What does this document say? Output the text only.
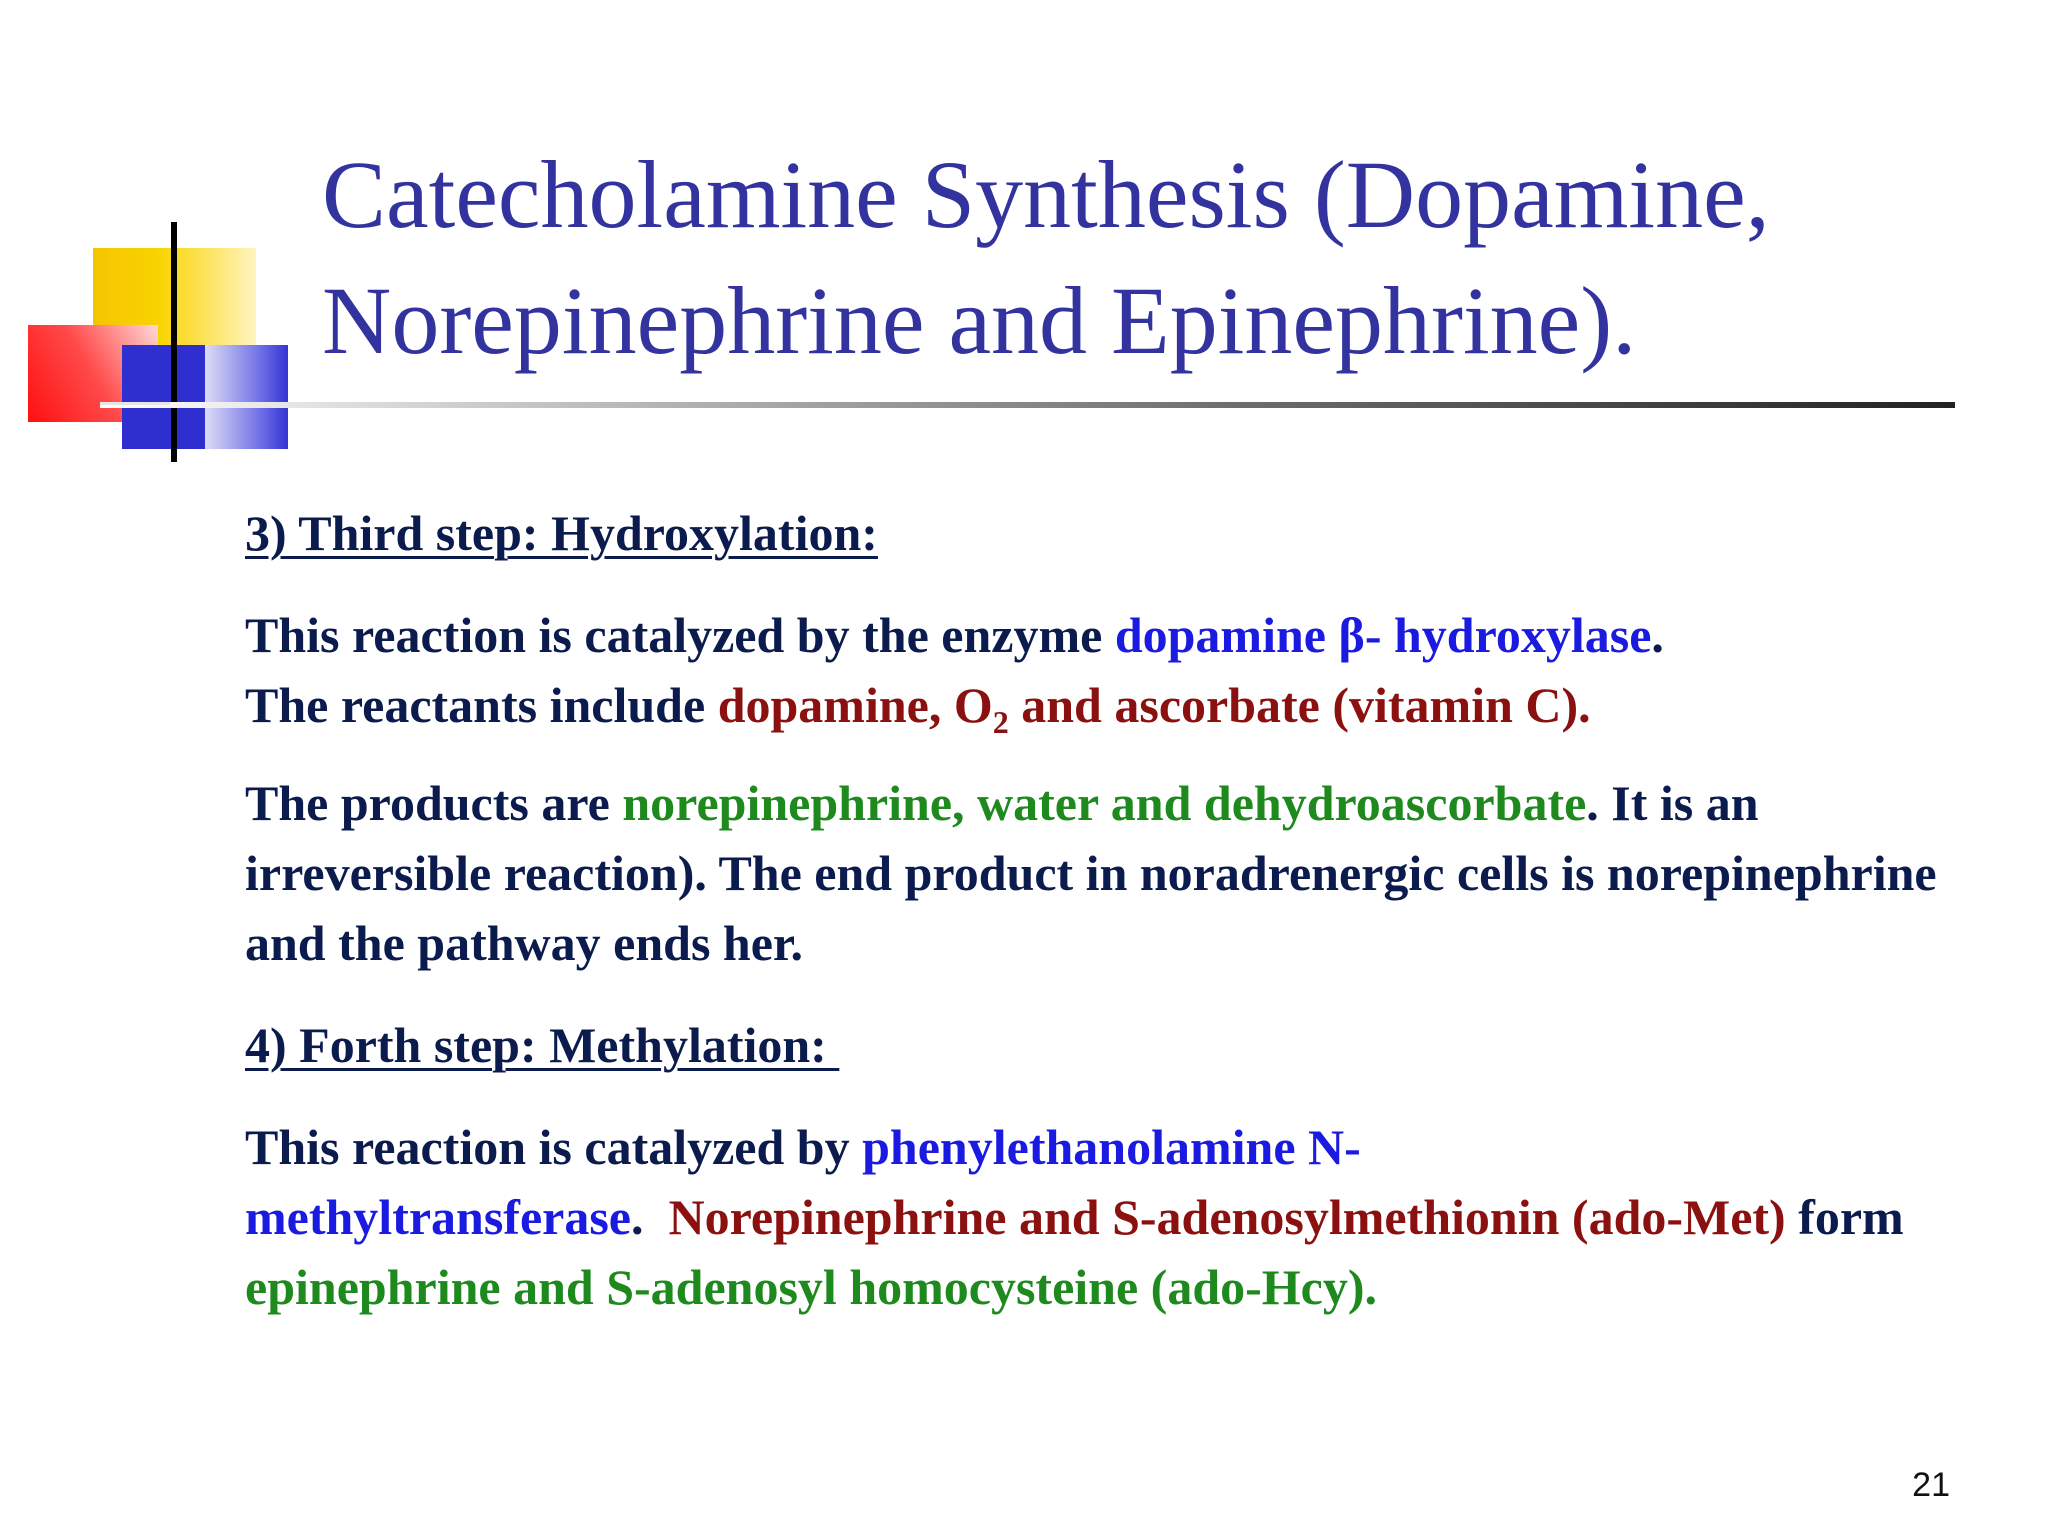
Catecholamine Synthesis (Dopamine,
Norepinephrine and Epinephrine).

3) Third step: Hydroxylation:

This reaction is catalyzed by the enzyme dopamine β- hydroxylase.
The reactants include dopamine, $O_2$ and ascorbate (vitamin C).

The products are norepinephrine, water and dehydroascorbate. It is an irreversible reaction). The end product in noradrenergic cells is norepinephrine and the pathway ends her.

4) Forth step: Methylation:

This reaction is catalyzed by phenylethanolamine N-methyltransferase.  Norepinephrine and S-adenosylmethionin (ado-Met) form epinephrine and S-adenosyl homocysteine (ado-Hcy).

21
